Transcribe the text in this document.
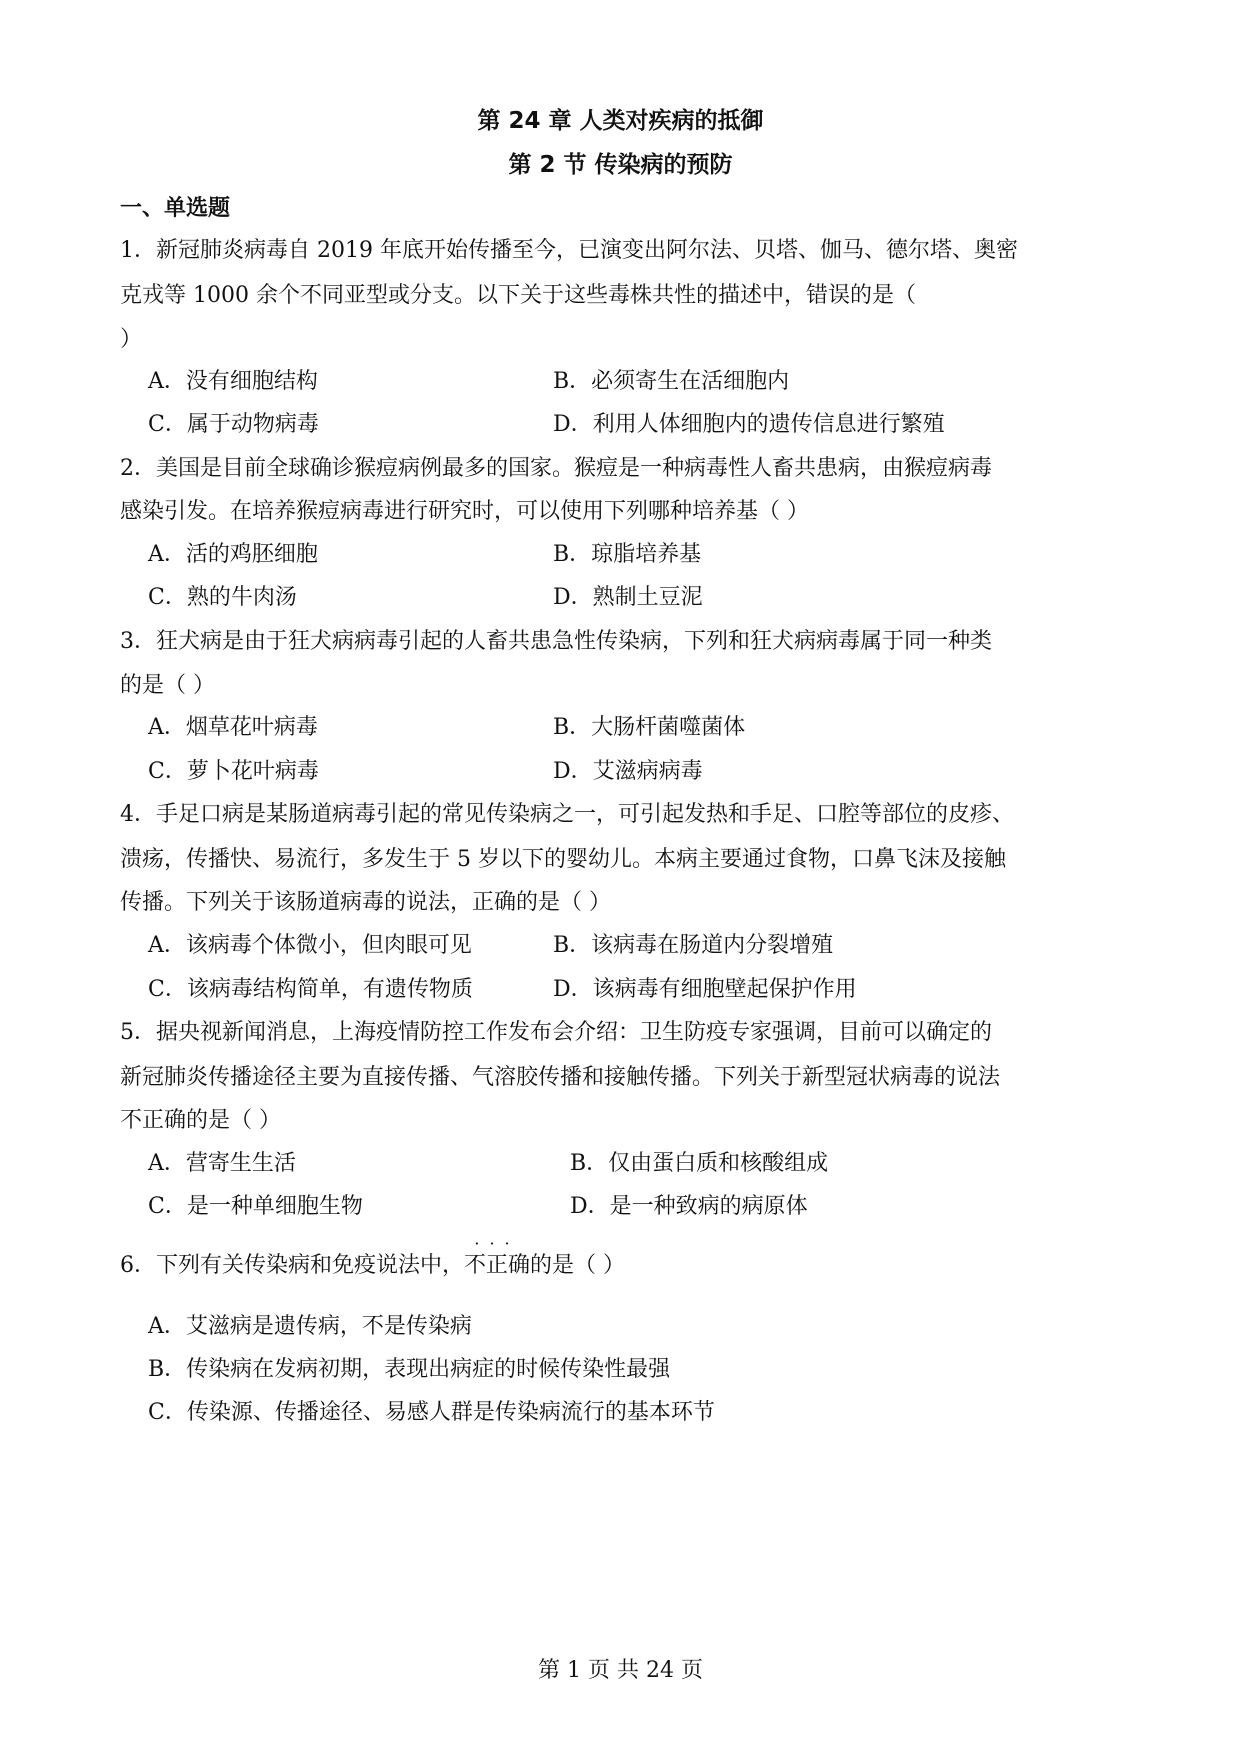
第 24 章 人类对疾病的抵御
第 2 节 传染病的预防
一、单选题
1．新冠肺炎病毒自 2019 年底开始传播至今，已演变出阿尔法、贝塔、伽马、德尔塔、奥密
克戎等 1000 余个不同亚型或分支。以下关于这些毒株共性的描述中，错误的是（
）
A．没有细胞结构	B．必须寄生在活细胞内
C．属于动物病毒	D．利用人体细胞内的遗传信息进行繁殖
2．美国是目前全球确诊猴痘病例最多的国家。猴痘是一种病毒性人畜共患病，由猴痘病毒
感染引发。在培养猴痘病毒进行研究时，可以使用下列哪种培养基（ ）
A．活的鸡胚细胞	B．琼脂培养基
C．熟的牛肉汤	D．熟制土豆泥
3．狂犬病是由于狂犬病病毒引起的人畜共患急性传染病，下列和狂犬病病毒属于同一种类
的是（ ）
A．烟草花叶病毒	B．大肠杆菌噬菌体
C．萝卜花叶病毒	D．艾滋病病毒
4．手足口病是某肠道病毒引起的常见传染病之一，可引起发热和手足、口腔等部位的皮疹、
溃疡，传播快、易流行，多发生于 5 岁以下的婴幼儿。本病主要通过食物，口鼻飞沫及接触
传播。下列关于该肠道病毒的说法，正确的是（ ）
A．该病毒个体微小，但肉眼可见	B．该病毒在肠道内分裂增殖
C．该病毒结构简单，有遗传物质	D．该病毒有细胞壁起保护作用
5．据央视新闻消息，上海疫情防控工作发布会介绍：卫生防疫专家强调，目前可以确定的
新冠肺炎传播途径主要为直接传播、气溶胶传播和接触传播。下列关于新型冠状病毒的说法
不正确的是（ ）
A．营寄生生活	B．仅由蛋白质和核酸组成
C．是一种单细胞生物	D．是一种致病的病原体
6．下列有关传染病和免疫说法中，
···
不正确的是（ ）
A．艾滋病是遗传病，不是传染病
B．传染病在发病初期，表现出病症的时候传染性最强
C．传染源、传播途径、易感人群是传染病流行的基本环节
第 1 页 共 24 页
